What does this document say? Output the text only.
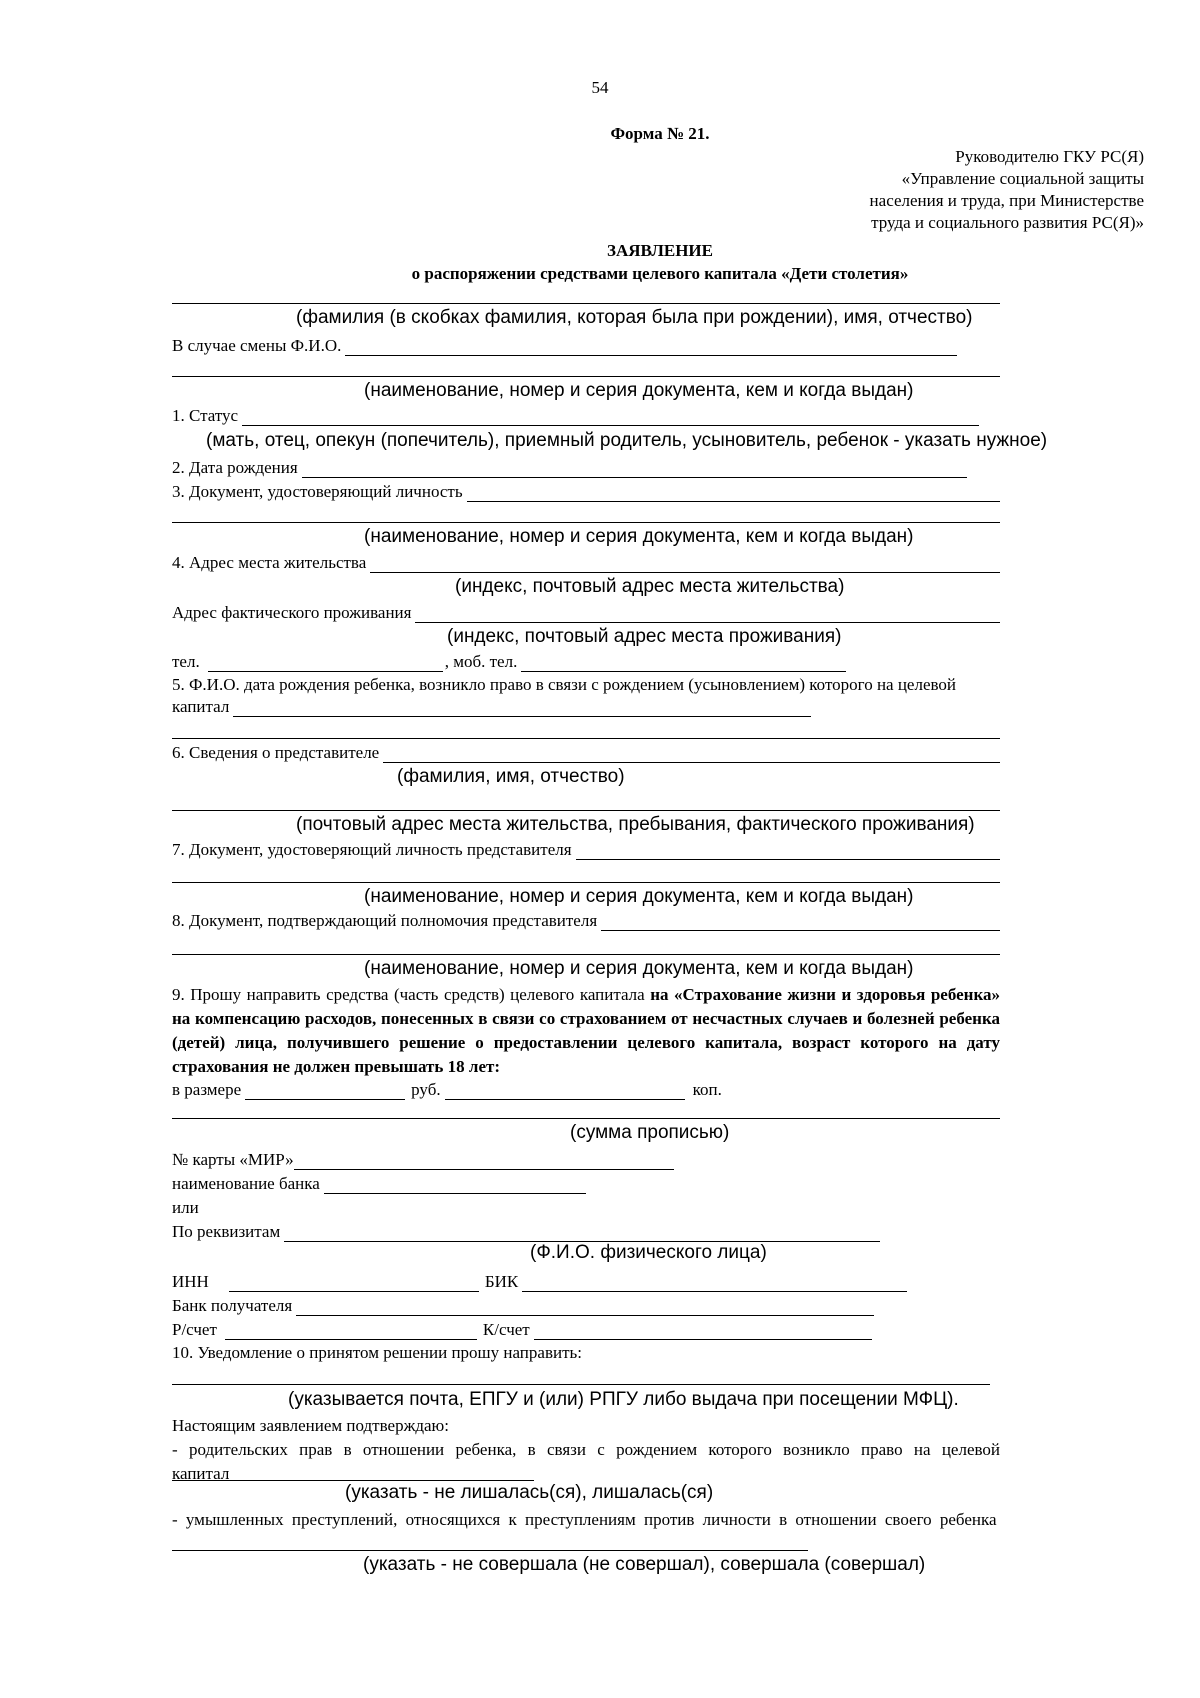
54
Форма № 21.
Руководителю ГКУ РС(Я)
«Управление социальной защиты
населения и труда, при Министерстве
труда и социального развития РС(Я)»
ЗАЯВЛЕНИЕ
о распоряжении средствами целевого капитала «Дети столетия»
(фамилия (в скобках фамилия, которая была при рождении), имя, отчество)
В случае смены Ф.И.О.
(наименование, номер и серия документа, кем и когда выдан)
1. Статус
(мать, отец, опекун (попечитель), приемный родитель, усыновитель, ребенок - указать нужное)
2. Дата рождения
3. Документ, удостоверяющий личность
(наименование, номер и серия документа, кем и когда выдан)
4. Адрес места жительства
(индекс, почтовый адрес места жительства)
Адрес фактического проживания
(индекс, почтовый адрес места проживания)
тел.	, моб. тел.
5. Ф.И.О. дата рождения ребенка, возникло право в связи с рождением (усыновлением) которого на целевой
капитал
6. Сведения о представителе
(фамилия, имя, отчество)
(почтовый адрес места жительства, пребывания, фактического проживания)
7. Документ, удостоверяющий личность представителя
(наименование, номер и серия документа, кем и когда выдан)
8. Документ, подтверждающий полномочия представителя
(наименование, номер и серия документа, кем и когда выдан)
9. Прошу направить средства (часть средств) целевого капитала на «Страхование жизни и здоровья ребенка» на компенсацию расходов, понесенных в связи со страхованием от несчастных случаев и болезней ребенка (детей) лица, получившего решение о предоставлении целевого капитала, возраст которого на дату страхования не должен превышать 18 лет:
в размере	руб.	коп.
(сумма прописью)
№ карты «МИР»
наименование банка
или
По реквизитам
(Ф.И.О. физического лица)
ИНН	БИК
Банк получателя
Р/счет	К/счет
10. Уведомление о принятом решении прошу направить:
(указывается почта, ЕПГУ и (или) РПГУ либо выдача при посещении МФЦ).
Настоящим заявлением подтверждаю:
- родительских прав в отношении ребенка, в связи с рождением которого возникло право на целевой капитал
(указать - не лишалась(ся), лишалась(ся)
- умышленных преступлений, относящихся к преступлениям против личности в отношении своего ребенка
(указать - не совершала (не совершал), совершала (совершал)
